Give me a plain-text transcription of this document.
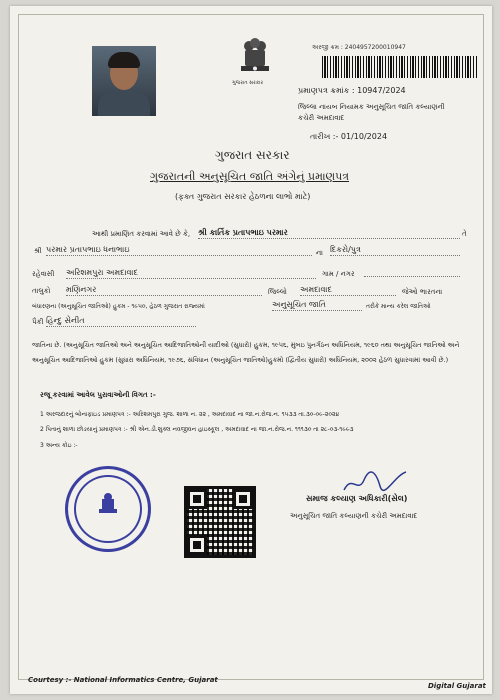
ગુજરાત સરકાર
અરજી ક્રમ : 2404957200010947
પ્રમાણપત્ર ક્રમાંક : 10947/2024
જિલ્લા નાયબ નિયામક અનુસૂચિત જાતિ કલ્યાણની
કચેરી અમદાવાદ
તારીખ :- 01/10/2024
ગુજરાત સરકાર
ગુજરાતની અનુસૂચિત જાતિ અંગેનું પ્રમાણપત્ર
(ફક્ત ગુજરાત સરકાર હેઠળના લાભો માટે)
આથી પ્રમાણિત કરવામાં આવે છે કે, શ્રી કાર્તિક પ્રતાપભાઇ પરમાર	તે
શ્રી પરમાર પ્રતાપભાઇ ધનાભાઇ	ના દિકરો/પુત્ર
રહેવાસી અરિશમપુરા અમદાવાદ	ગામ / નગર
તાલુકો મણિનગર	જિલ્લો અમદાવાદ	જેઓ ભારતના
બંધારણના (અનુસૂચિત જાતિઓ) હુકમ - ૧૯૫૦, હેઠળ ગુજરાત રાજ્યમાં	અનુસૂચિત જાતિ	તરીકે માન્ય કરેલ જાતિઓ
પૈકી હિન્દુ સેનીત
જાતિના છે. (અનુસૂચિત જાતિઓ અને અનુસૂચિત આદિજાતિઓની યાદીઓ (સુધારો) હુકમ, ૧૯૫૬, મુંબઇ પુનર્ગઠન અધિનિયમ, ૧૯૬૦ તથા અનુસૂચિત જાતિઓ અને અનુસૂચિત આદિજાતિઓ હુકમ (સુધારા અધિનિયમ, ૧૯૭૬, સંવિધાન (અનુસૂચિત જાતિઓ)હુકમો (દ્વિતીય સુધારો) અધિનિયમ, ૨૦૦૨ હેઠળ સુધારવામાં આવી છે.)
રજૂ કરવામાં આવેલ પુરાવાઓની વિગત :-
1 અરજદારનું બોનાફાઇડ પ્રમાણપત્ર :- અરિશમપુરા ગુજ. શાળા ન. ૨૨ , અમદાવાદ ના જા.ન.રોજ.ન. ૧૫૩૩ તા.૩૦-૦૯-૨૦૨૪
2 પિતાનું શાળા છોડયાનું પ્રમાણપત્ર :- શ્રી એન.ડી.શુક્લ નવજીવન હાઇસ્કૂલ , અમદાવાદ ના જા.ન.રોજ.ન. ૧૧૧૩૦ તા ૨૮-૦૩-૧૯૯૩
3 અન્ય કોઇ :-
સમાજ કલ્યાણ અધિકારી(સેલ)
અનુસૂચિત જાતિ કલ્યાણની કચેરી અમદાવાદ
Courtesy :- National Informatics Centre, Gujarat
Digital Gujarat
